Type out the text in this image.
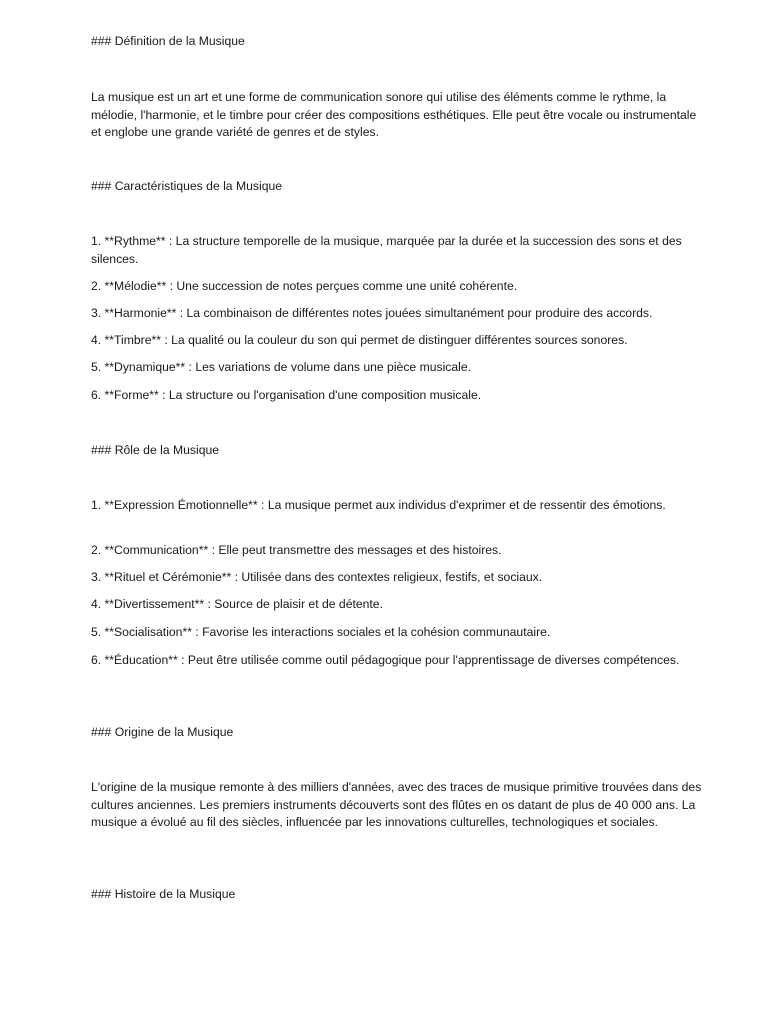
### Définition de la Musique

La musique est un art et une forme de communication sonore qui utilise des éléments comme le rythme, la mélodie, l'harmonie, et le timbre pour créer des compositions esthétiques. Elle peut être vocale ou instrumentale et englobe une grande variété de genres et de styles.

### Caractéristiques de la Musique

1. **Rythme** : La structure temporelle de la musique, marquée par la durée et la succession des sons et des silences.

2. **Mélodie** : Une succession de notes perçues comme une unité cohérente.

3. **Harmonie** : La combinaison de différentes notes jouées simultanément pour produire des accords.

4. **Timbre** : La qualité ou la couleur du son qui permet de distinguer différentes sources sonores.

5. **Dynamique** : Les variations de volume dans une pièce musicale.

6. **Forme** : La structure ou l'organisation d'une composition musicale.

### Rôle de la Musique

1. **Expression Émotionnelle** : La musique permet aux individus d'exprimer et de ressentir des émotions.

2. **Communication** : Elle peut transmettre des messages et des histoires.

3. **Rituel et Cérémonie** : Utilisée dans des contextes religieux, festifs, et sociaux.

4. **Divertissement** : Source de plaisir et de détente.

5. **Socialisation** : Favorise les interactions sociales et la cohésion communautaire.

6. **Éducation** : Peut être utilisée comme outil pédagogique pour l'apprentissage de diverses compétences.

### Origine de la Musique

L'origine de la musique remonte à des milliers d'années, avec des traces de musique primitive trouvées dans des cultures anciennes. Les premiers instruments découverts sont des flûtes en os datant de plus de 40 000 ans. La musique a évolué au fil des siècles, influencée par les innovations culturelles, technologiques et sociales.

### Histoire de la Musique
